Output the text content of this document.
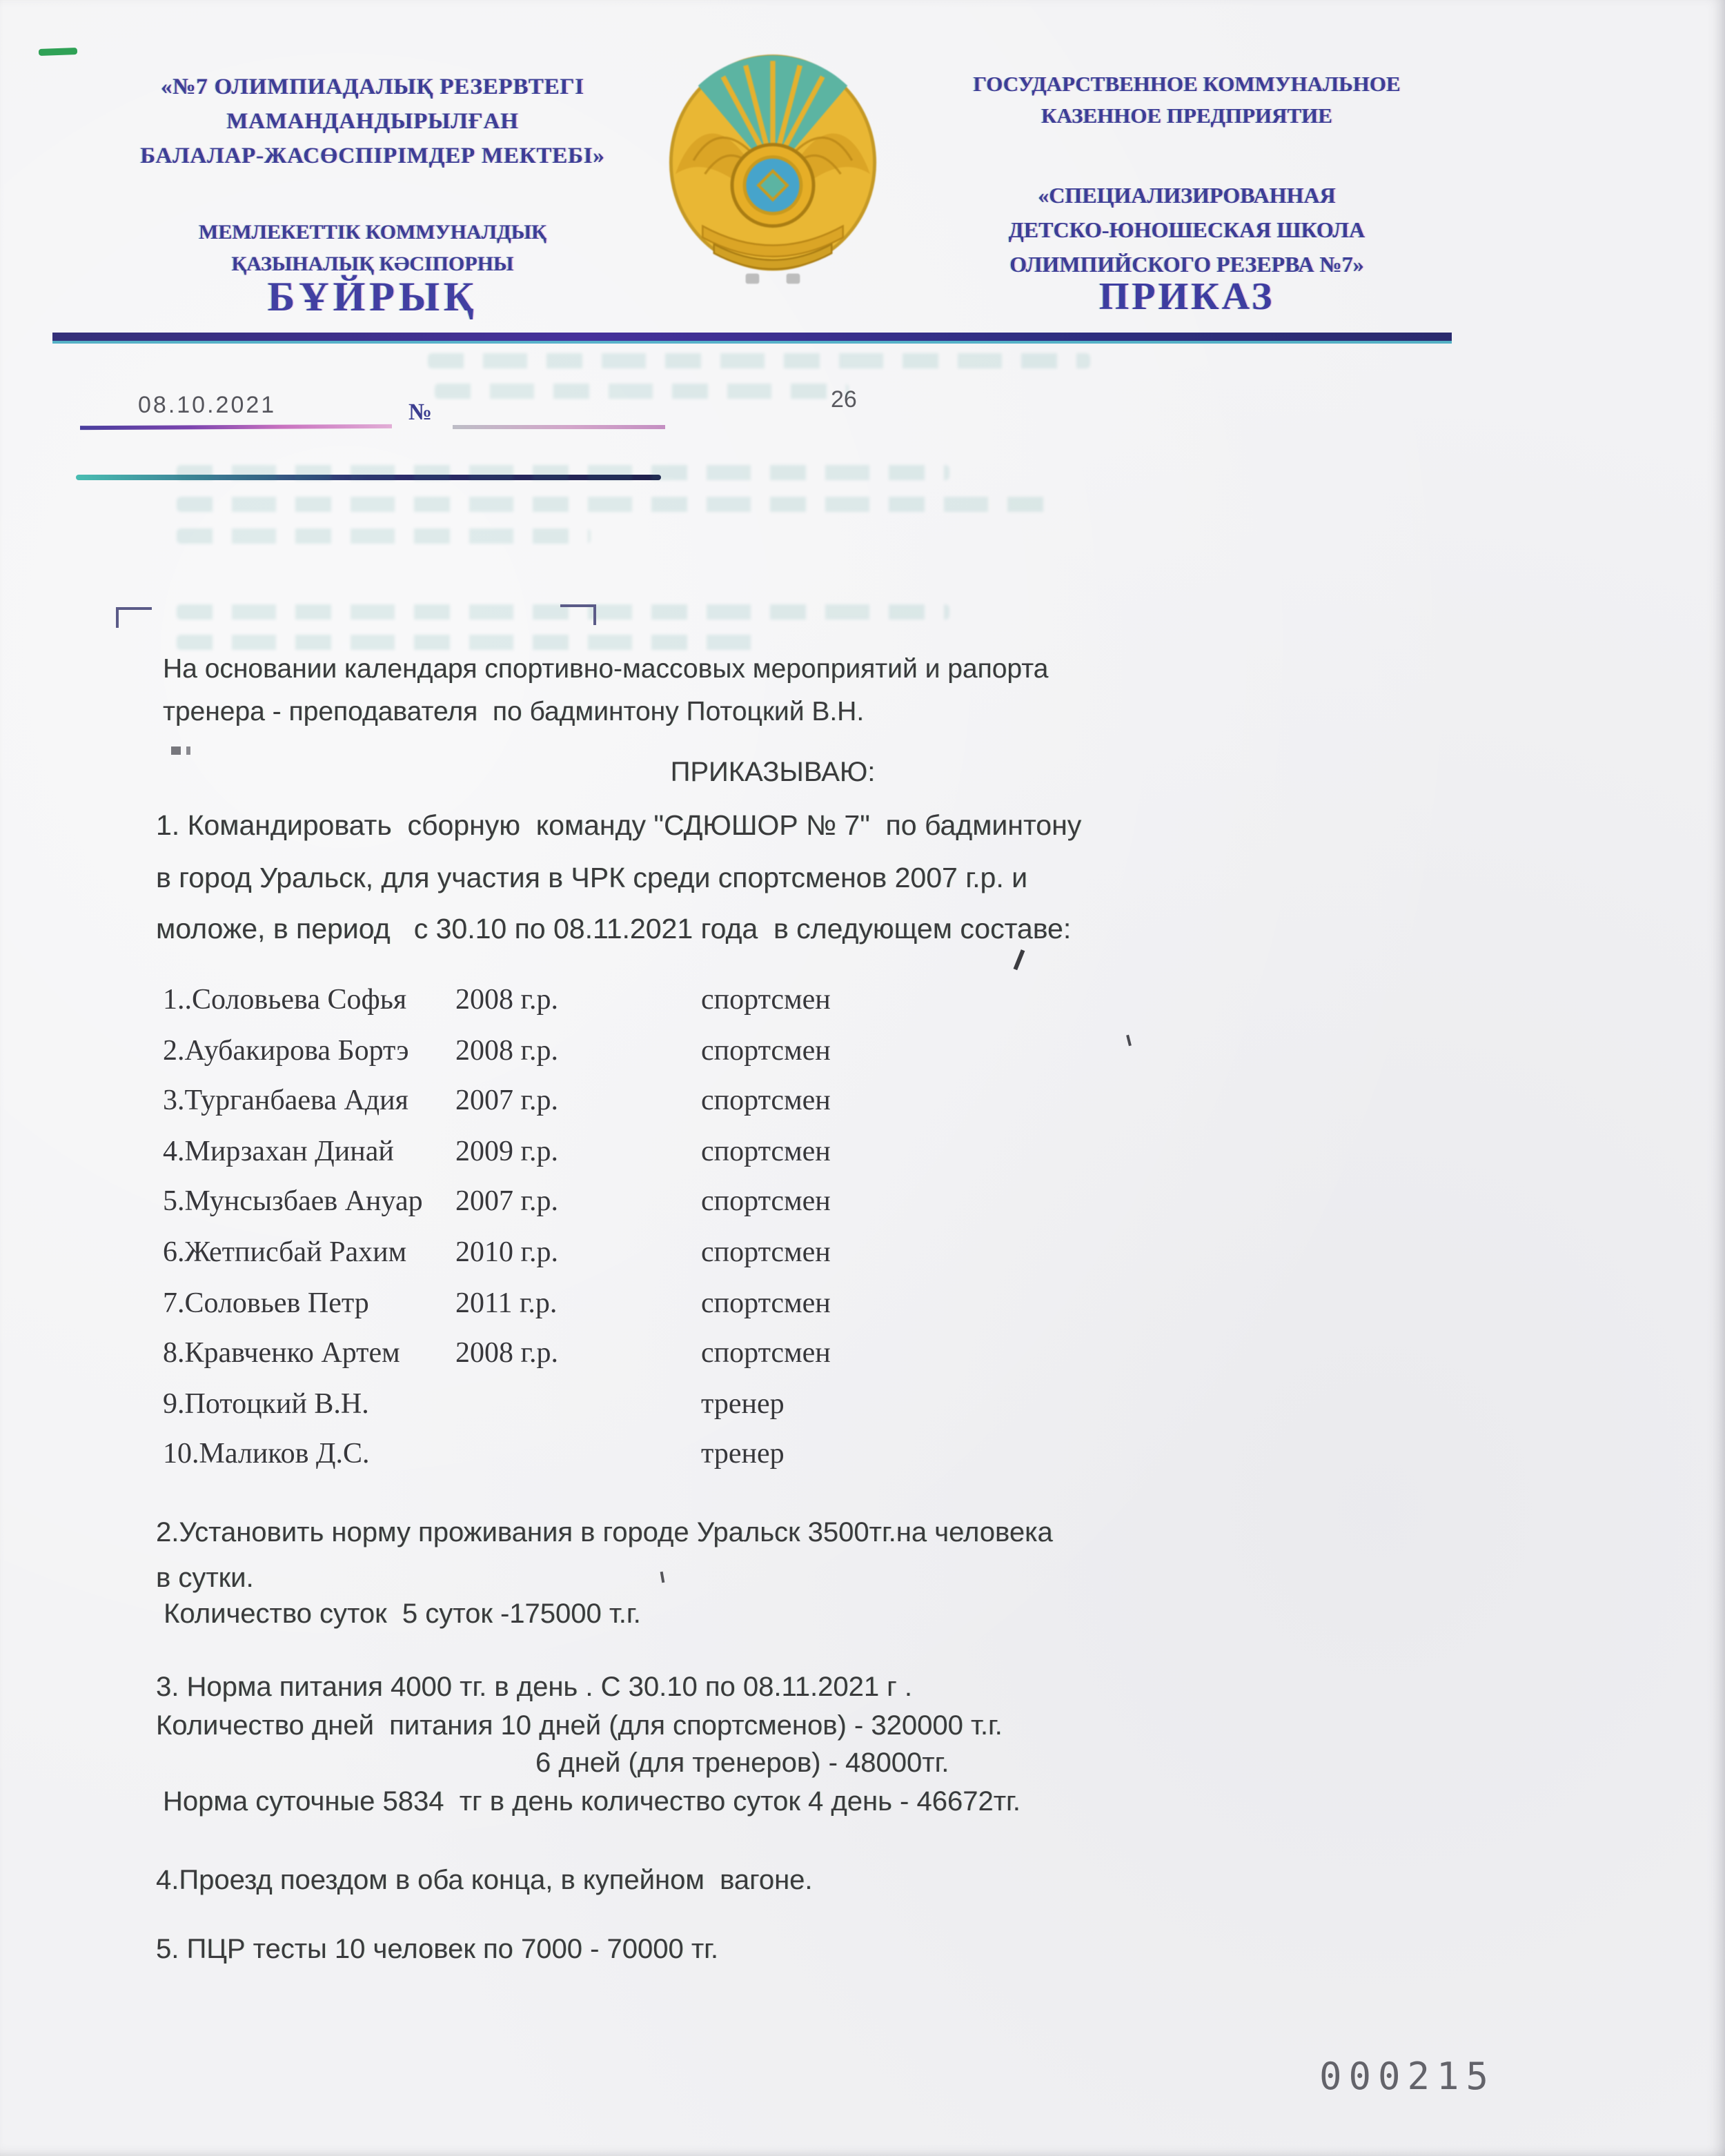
«№7 ОЛИМПИАДАЛЫҚ РЕЗЕРВТЕГІ
МАМАНДАНДЫРЫЛҒАН
БАЛАЛАР-ЖАСӨСПІРІМДЕР МЕКТЕБІ»
МЕМЛЕКЕТТІК КОММУНАЛДЫҚ
ҚАЗЫНАЛЫҚ КӘСІПОРНЫ
БҰЙРЫҚ
ГОСУДАРСТВЕННОЕ КОММУНАЛЬНОЕ
КАЗЕННОЕ ПРЕДПРИЯТИЕ
«СПЕЦИАЛИЗИРОВАННАЯ
ДЕТСКО-ЮНОШЕСКАЯ ШКОЛА
ОЛИМПИЙСКОГО РЕЗЕРВА №7»
ПРИКАЗ
08.10.2021	№	26
На основании календаря спортивно-массовых мероприятий и рапорта
тренера - преподавателя  по бадминтону Потоцкий В.Н.
ПРИКАЗЫВАЮ:
1. Командировать  сборную  команду "СДЮШОР № 7"  по бадминтону
в город Уральск, для участия в ЧРК среди спортсменов 2007 г.р. и
моложе, в период   с 30.10 по 08.11.2021 года  в следующем составе:
1..Соловьева Софья	2008 г.р.	спортсмен
2.Аубакирова Бортэ	2008 г.р.	спортсмен
3.Турганбаева Адия	2007 г.р.	спортсмен
4.Мирзахан Динай	2009 г.р.	спортсмен
5.Мунсызбаев Ануар	2007 г.р.	спортсмен
6.Жетписбай Рахим	2010 г.р.	спортсмен
7.Соловьев Петр	2011 г.р.	спортсмен
8.Кравченко Артем	2008 г.р.	спортсмен
9.Потоцкий В.Н.	тренер
10.Маликов Д.С.	тренер
2.Установить норму проживания в городе Уральск 3500тг.на человека
в сутки.
Количество суток  5 суток -175000 т.г.
3. Норма питания 4000 тг. в день . С 30.10 по 08.11.2021 г .
Количество дней  питания 10 дней (для спортсменов) - 320000 т.г.
6 дней (для тренеров) - 48000тг.
Норма суточные 5834  тг в день количество суток 4 день - 46672тг.
4.Проезд поездом в оба конца, в купейном  вагоне.
5. ПЦР тесты 10 человек по 7000 - 70000 тг.
000215
